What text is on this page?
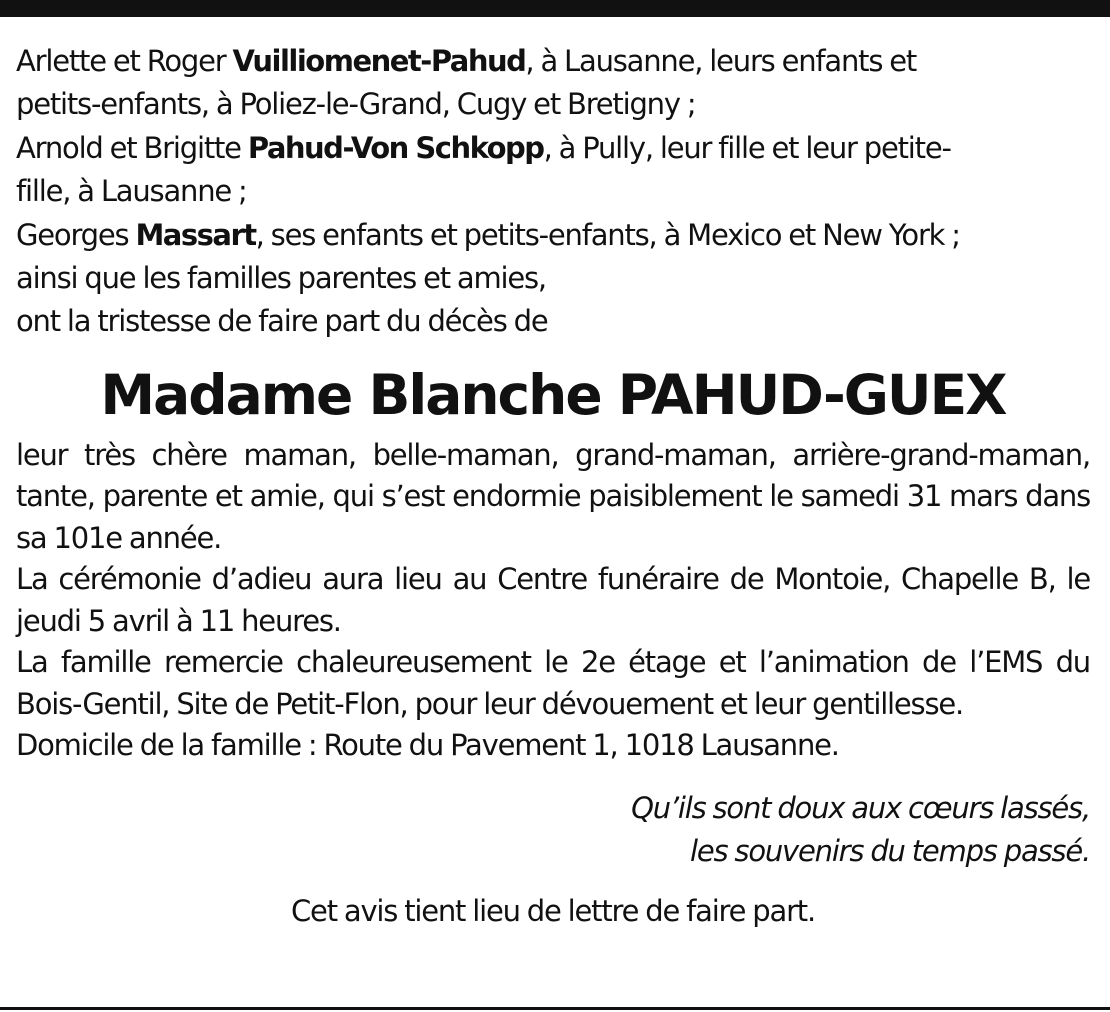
Arlette et Roger Vuilliomenet-Pahud, à Lausanne, leurs enfants et
petits-enfants, à Poliez-le-Grand, Cugy et Bretigny ;
Arnold et Brigitte Pahud-Von Schkopp, à Pully, leur fille et leur petite-
fille, à Lausanne ;
Georges Massart, ses enfants et petits-enfants, à Mexico et New York ;
ainsi que les familles parentes et amies,
ont la tristesse de faire part du décès de
Madame Blanche PAHUD-GUEX

leur très chère maman, belle-maman, grand-maman, arrière-grand-maman, tante, parente et amie, qui s’est endormie paisiblement le samedi 31 mars dans sa 101e année.

La cérémonie d’adieu aura lieu au Centre funéraire de Montoie, Chapelle B, le jeudi 5 avril à 11 heures.

La famille remercie chaleureusement le 2e étage et l’animation de l’EMS du Bois-Gentil, Site de Petit-Flon, pour leur dévouement et leur gentillesse.

Domicile de la famille : Route du Pavement 1, 1018 Lausanne.

Qu’ils sont doux aux cœurs lassés,
les souvenirs du temps passé.
Cet avis tient lieu de lettre de faire part.
